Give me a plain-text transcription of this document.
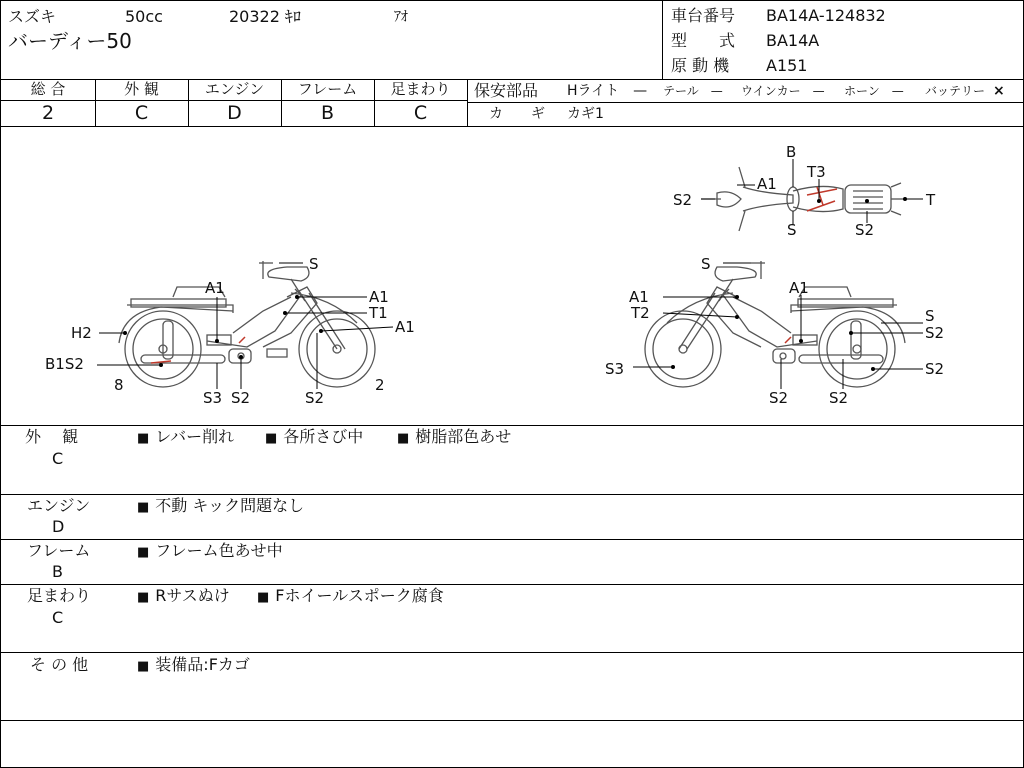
スズキ	50cc	20322 ｷﾛ	ｱｵ
バーディー50
車台番号 BA14A-124832
型　　式 BA14A
原 動 機 A151
総 合	外 観	エンジン	フレーム	足まわり
2	C	D	B	C
保安部品 Hライト　— テール　— ウインカー　— ホーン　— バッテリー ×
カ　　ギ カギ1
S
A1	A1
T1
A1
H2
B1S2
8
S3 S2	S2
2
S
A1	A1
T2	S
S2
S3	S2
S2	S2
B
T3
A1
S2	T
S	S2
外　 観
C
■ レバー削れ	■ 各所さび中	■ 樹脂部色あせ
エンジン
D
■ 不動 キック問題なし
フレーム
B
■ フレーム色あせ中
足まわり
C
■ Rサスぬけ	■ Fホイールスポーク腐食
そ の 他	■ 装備品:Fカゴ
